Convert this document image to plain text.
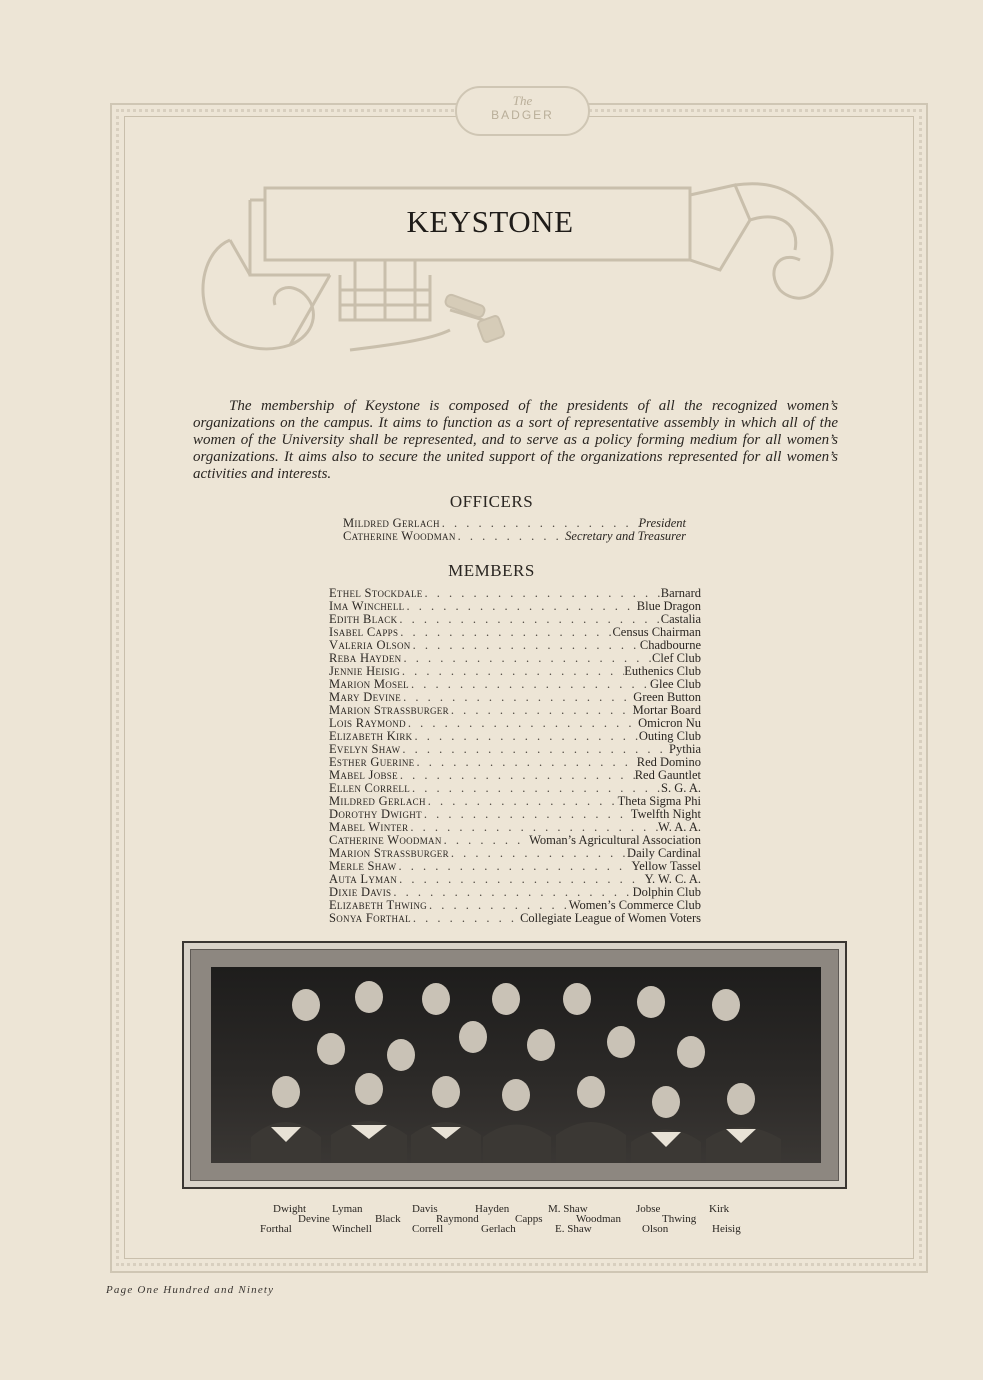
The
BADGER
KEYSTONE

The membership of Keystone is composed of the presidents of all the recognized women’s organizations on the campus. It aims to function as a sort of representative assembly in which all of the women of the University shall be represented, and to serve as a policy forming medium for all women’s organizations. It aims also to secure the united support of the organizations represented for all women’s activities and interests.

OFFICERS
Mildred Gerlach . . .	President
Catherine Woodman . . .	Secretary and Treasurer
MEMBERS
Ethel Stockdale . . .	Barnard
Ima Winchell . . .	Blue Dragon
Edith Black . . .	Castalia
Isabel Capps . . .	Census Chairman
Valeria Olson . . .	Chadbourne
Reba Hayden . . .	Clef Club
Jennie Heisig . . .	Euthenics Club
Marion Mosel . . .	Glee Club
Mary Devine . . .	Green Button
Marion Strassburger . . .	Mortar Board
Lois Raymond . . .	Omicron Nu
Elizabeth Kirk . . .	Outing Club
Evelyn Shaw . . .	Pythia
Esther Guerine . . .	Red Domino
Mabel Jobse . . .	Red Gauntlet
Ellen Correll . . .	S. G. A.
Mildred Gerlach . . .	Theta Sigma Phi
Dorothy Dwight . . .	Twelfth Night
Mabel Winter . . .	W. A. A.
Catherine Woodman . . .	Woman’s Agricultural Association
Marion Strassburger . . .	Daily Cardinal
Merle Shaw . . .	Yellow Tassel
Auta Lyman . . .	Y. W. C. A.
Dixie Davis . . .	Dolphin Club
Elizabeth Thwing . . .	Women’s Commerce Club
Sonya Forthal . . .	Collegiate League of Women Voters
Dwight Lyman	Davis	Hayden	M. Shaw	Jobse	Kirk
Devine	Black	Raymond	Capps	Woodman	Thwing
Forthal	Winchell	Correll	Gerlach	E. Shaw	Olson	Heisig
Page One Hundred and Ninety
